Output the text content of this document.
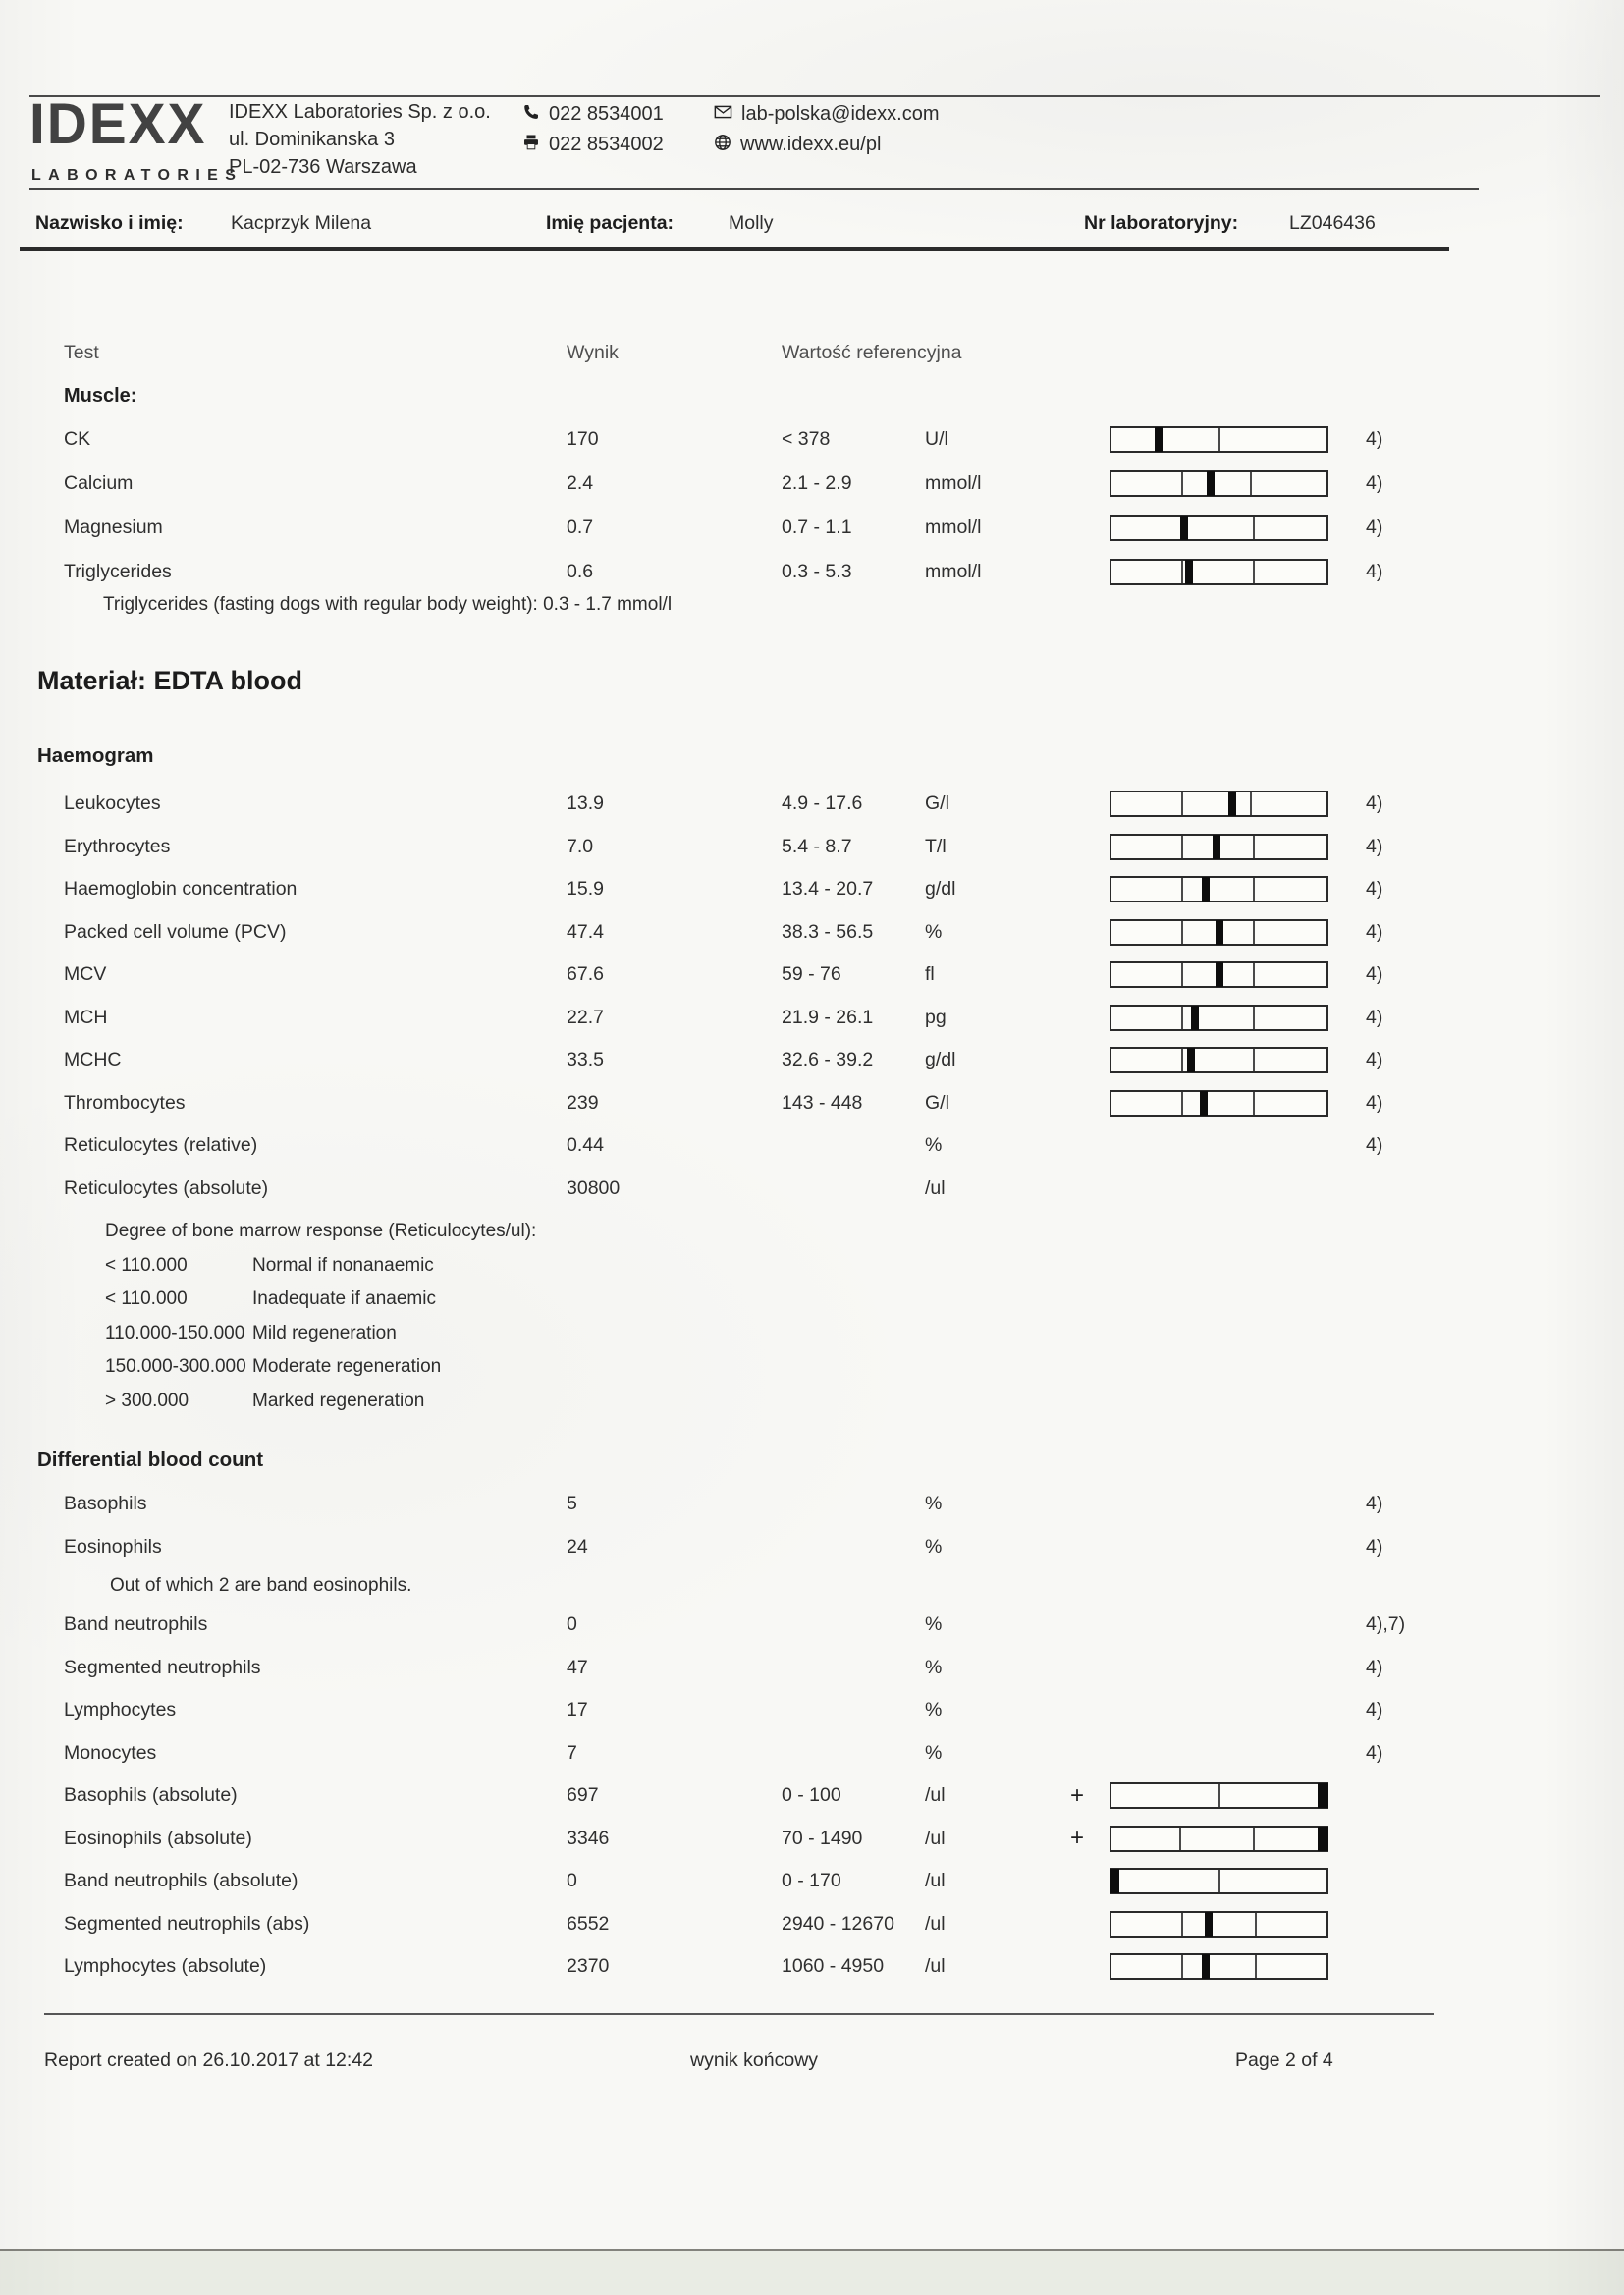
IDEXX
LABORATORIES
IDEXX Laboratories Sp. z o.o.
ul. Dominikanska 3
PL-02-736 Warszawa
022 8534001
022 8534002
lab-polska@idexx.com
www.idexx.eu/pl
Nazwisko i imię: Kacprzyk Milena	Imię pacjenta:	Molly	Nr laboratoryjny:	LZ046436
Test	Wynik	Wartość referencyjna
Muscle:
CK	170	< 378	U/l	4)
Calcium	2.4	2.1 - 2.9	mmol/l	4)
Magnesium	0.7	0.7 - 1.1	mmol/l	4)
Triglycerides	0.6	0.3 - 5.3	mmol/l	4)
Triglycerides (fasting dogs with regular body weight): 0.3 - 1.7 mmol/l
Materiał: EDTA blood
Haemogram
Leukocytes	13.9	4.9 - 17.6	G/l	4)
Erythrocytes	7.0	5.4 - 8.7	T/l	4)
Haemoglobin concentration	15.9	13.4 - 20.7	g/dl	4)
Packed cell volume (PCV)	47.4	38.3 - 56.5	%	4)
MCV	67.6	59 - 76	fl	4)
MCH	22.7	21.9 - 26.1	pg	4)
MCHC	33.5	32.6 - 39.2	g/dl	4)
Thrombocytes	239	143 - 448	G/l	4)
Reticulocytes (relative)	0.44	%	4)
Reticulocytes (absolute)	30800	/ul
Degree of bone marrow response (Reticulocytes/ul):
< 110.000	Normal if nonanaemic
< 110.000	Inadequate if anaemic
110.000-150.000 Mild regeneration
150.000-300.000 Moderate regeneration
> 300.000	Marked regeneration
Differential blood count
Basophils	5	%	4)
Eosinophils	24	%	4)
Out of which 2 are band eosinophils.
Band neutrophils	0	%	4),7)
Segmented neutrophils	47	%	4)
Lymphocytes	17	%	4)
Monocytes	7	%	4)
Basophils (absolute)	697	0 - 100	/ul	+
Eosinophils (absolute)	3346	70 - 1490	/ul	+
Band neutrophils (absolute)	0	0 - 170	/ul
Segmented neutrophils (abs)	6552	2940 - 12670	/ul
Lymphocytes (absolute)	2370	1060 - 4950	/ul
Report created on 26.10.2017 at 12:42	wynik końcowy	Page 2 of 4
